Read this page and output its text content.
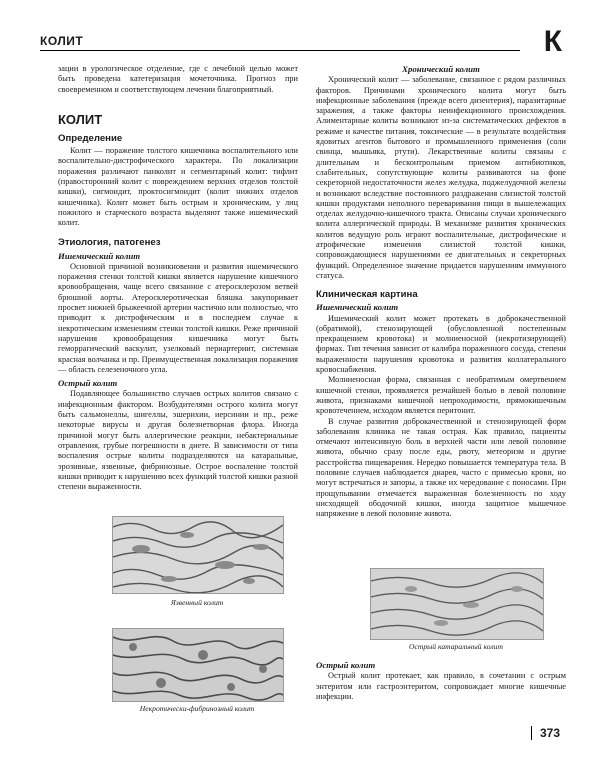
КОЛИТ	К

зации в урологическое отделение, где с лечебной целью может быть проведена катетеризация мочеточника. Прогноз при своевременном и соответствующем лечении благоприятный.

КОЛИТ
Определение

Колит — поражение толстого кишечника воспалительного или воспалительно-дистрофического характера. По локализации поражения различают панколит и сегментарный колит: тифлит (правосторонний колит с повреждением верхних отделов толстой кишки), сигмоидит, проктосигмоидит (колит нижних отделов кишечника). Колит может быть острым и хроническим, у лиц пожилого и старческого возраста выделяют также ишемический колит.

Этиология, патогенез
Ишемический колит

Основной причиной возникновения и развития ишемического поражения стенки толстой кишки является нарушение кишечного кровообращения, чаще всего связанное с атеросклерозом ветвей брюшной аорты. Атеросклеротическая бляшка закупоривает просвет нижней брыжеечной артерии частично или полностью, что приводит к дистрофическим и в последнем случае к некротическим изменениям стенки толстой кишки. Реже причиной нарушения кровообращения кишечника могут быть геморрагический васкулит, узелковый периартериит, системная красная волчанка и пр. Преимущественная локализация поражения — область селезеночного угла.

Острый колит

Подавляющее большинство случаев острых колитов связано с инфекционным фактором. Возбудителями острого колита могут быть сальмонеллы, шигеллы, эшерихии, иерсинии и пр., реже некоторые вирусы и другая болезнетворная флора. Иногда причиной могут быть аллергические реакции, небактериальные отравления, грубые погрешности в диете. В зависимости от типа воспаления острые колиты подразделяются на катаральные, эрозивные, язвенные, фибринозные. Острое воспаление толстой кишки приводит к нарушению всех функций толстой кишки разной степени выраженности.

Язвенный колит
Некротически-фибринозный колит
Хронический колит

Хронический колит — заболевание, связанное с рядом различных факторов. Причинами хронического колита могут быть инфекционные заболевания (прежде всего дизентерия), паразитарные заражения, а также факторы неинфекционного происхождения. Алиментарные колиты возникают из-за систематических дефектов в режиме и качестве питания, токсические — в результате воздействия ядовитых агентов бытового и промышленного применения (соли свинца, мышьяка, ртути). Лекарственные колиты связаны с длительным и бесконтрольным приемом антибиотиков, слабительных, сопутствующие колиты развиваются на фоне секреторной недостаточности желез желудка, поджелудочной железы и возникают вследствие постоянного раздражения слизистой толстой кишки продуктами неполного переваривания пищи в вышележащих отделах желудочно-кишечного тракта. Описаны случаи хронического колита аллергической природы. В механизме развития хронических колитов ведущую роль играют воспалительные, дистрофические и атрофические изменения слизистой толстой кишки, сопровождающиеся нарушениями ее двигательных и секреторных функций. Определенное значение придается нарушениям иммунного статуса.

Клиническая картина
Ишемический колит

Ишемический колит может протекать в доброкачественной (обратимой), стенозирующей (обусловленной постепенным прекращением кровотока) и молниеносной (некротизирующей) формах. Тип течения зависит от калибра пораженного сосуда, степени выраженности нарушения кровотока и развития коллатерального кровоснабжения.

Молниеносная форма, связанная с необратимым омертвением кишечной стенки, проявляется резчайшей болью в левой половине живота, признаками кишечной непроходимости, прямокишечным кровотечением, исходом является перитонит.

В случае развития доброкачественной и стенозирующей форм заболевания клиника не такая острая. Как правило, пациенты отмечают интенсивную боль в верхней части или левой половине живота, обычно сразу после еды, рвоту, метеоризм и другие расстройства пищеварения. Нередко повышается температура тела. В половине случаев наблюдается диарея, часто с примесью крови, но могут встречаться и запоры, а также их чередование с поносами. При прощупывании отмечается выраженная болезненность по ходу нисходящей ободочной кишки, иногда защитное мышечное напряжение в левой половине живота.

Острый катаральный колит
Острый колит

Острый колит протекает, как правило, в сочетании с острым энтеритом или гастроэнтеритом, сопровождает многие кишечные инфекции.

373
